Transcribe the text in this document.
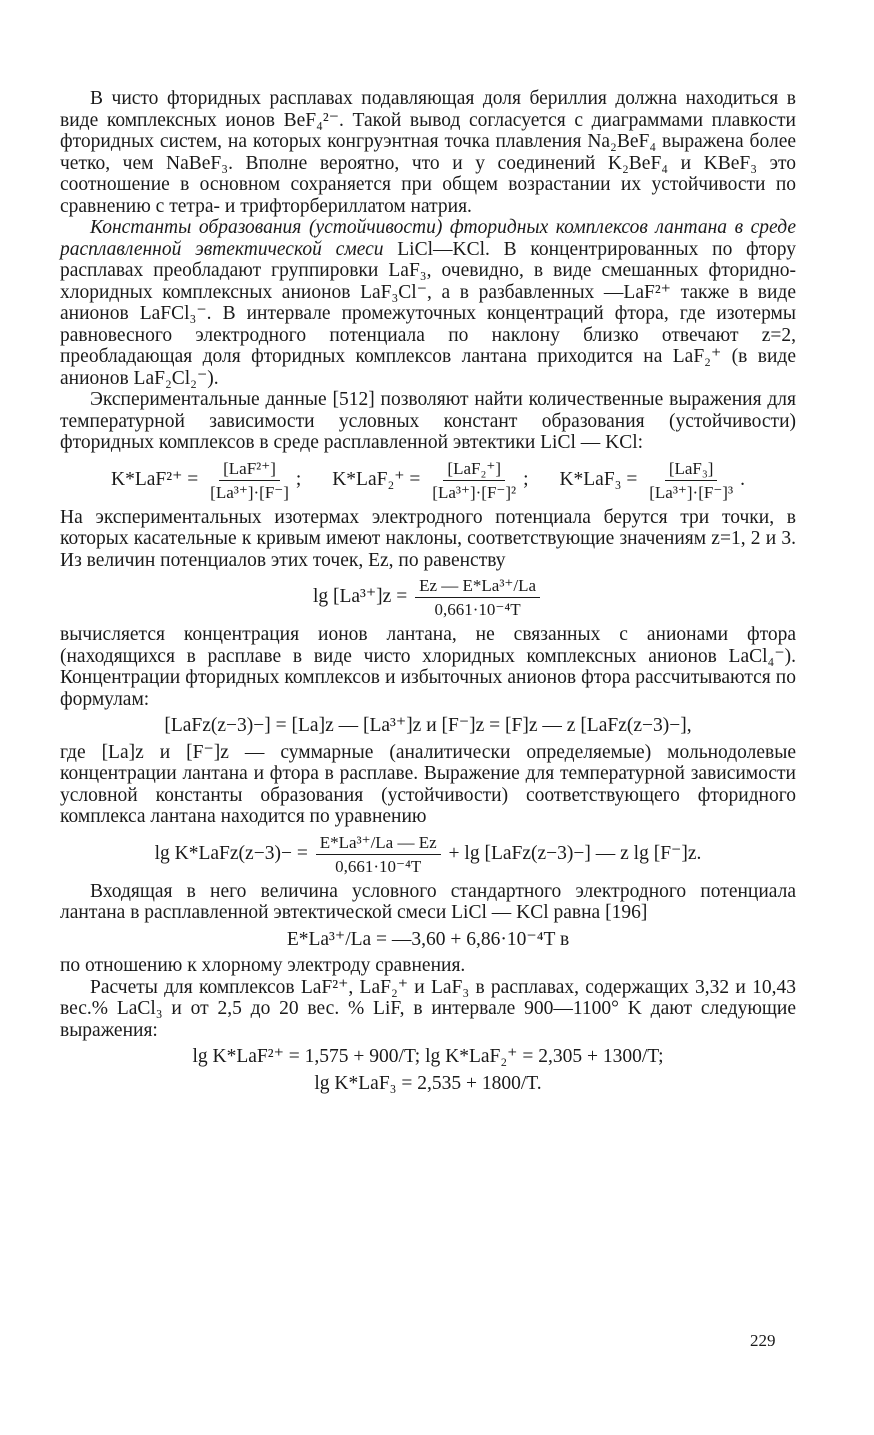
В чисто фторидных расплавах подавляющая доля бериллия должна находиться в виде комплексных ионов BeF₄²⁻. Такой вывод согласуется с диаграммами плавкости фторидных систем, на которых конгруэнтная точка плавления Na₂BeF₄ выражена более четко, чем NaBeF₃. Вполне вероятно, что и у соединений K₂BeF₄ и KBeF₃ это соотношение в основном сохраняется при общем возрастании их устойчивости по сравнению с тетра- и трифторбериллатом натрия.

Константы образования (устойчивости) фторидных комплексов лантана в среде расплавленной эвтектической смеси LiCl—KCl. В концентрированных по фтору расплавах преобладают группировки LaF₃, очевидно, в виде смешанных фторидно-хлоридных комплексных анионов LaF₃Cl⁻, а в разбавленных —LaF²⁺ также в виде анионов LaFCl₃⁻. В интервале промежуточных концентраций фтора, где изотермы равновесного электродного потенциала по наклону близко отвечают z=2, преобладающая доля фторидных комплексов лантана приходится на LaF₂⁺ (в виде анионов LaF₂Cl₂⁻).

Экспериментальные данные [512] позволяют найти количественные выражения для температурной зависимости условных констант образования (устойчивости) фторидных комплексов в среде расплавленной эвтектики LiCl — KCl:

$K*LaF^{2+} = \frac{\text{[LaF²⁺]}}{\text{[La³⁺]·[F⁻]}}$ ; $K*LaF_2^+ = \frac{\text{[LaF₂⁺]}}{\text{[La³⁺]·[F⁻]²}}$ ; $K*LaF_3 = \frac{\text{[LaF₃]}}{\text{[La³⁺]·[F⁻]³}}$ .

На экспериментальных изотермах электродного потенциала берутся три точки, в которых касательные к кривым имеют наклоны, соответствующие значениям z=1, 2 и 3. Из величин потенциалов этих точек, Ez, по равенству

$\lg [La^{3+}]z = \frac{\text{Ez — E*La³⁺/La}}{\text{0,661·10⁻⁴T}}$

вычисляется концентрация ионов лантана, не связанных с анионами фтора (находящихся в расплаве в виде чисто хлоридных комплексных анионов LaCl₄⁻). Концентрации фторидных комплексов и избыточных анионов фтора рассчитываются по формулам:

[LaFz(z−3)−] = [La]z — [La³⁺]z и [F⁻]z = [F]z — z [LaFz(z−3)−],

где [La]z и [F⁻]z — суммарные (аналитически определяемые) мольнодолевые концентрации лантана и фтора в расплаве. Выражение для температурной зависимости условной константы образования (устойчивости) соответствующего фторидного комплекса лантана находится по уравнению

lg K*LaFz(z−3)− = $\frac{\text{E*La³⁺/La — Ez}}{\text{0,661·10⁻⁴T}} + \lg$ [LaFz(z−3)−] — z lg [F⁻]z.

Входящая в него величина условного стандартного электродного потенциала лантана в расплавленной эвтектической смеси LiCl — KCl равна [196]

E*La³⁺/La = —3,60 + 6,86·10⁻⁴T в

по отношению к хлорному электроду сравнения.

Расчеты для комплексов LaF²⁺, LaF₂⁺ и LaF₃ в расплавах, содержащих 3,32 и 10,43 вес.% LaCl₃ и от 2,5 до 20 вес. % LiF, в интервале 900—1100° K дают следующие выражения:

lg K*LaF²⁺ = 1,575 + 900/T; lg K*LaF₂⁺ = 2,305 + 1300/T;
lg K*LaF₃ = 2,535 + 1800/T.
229
